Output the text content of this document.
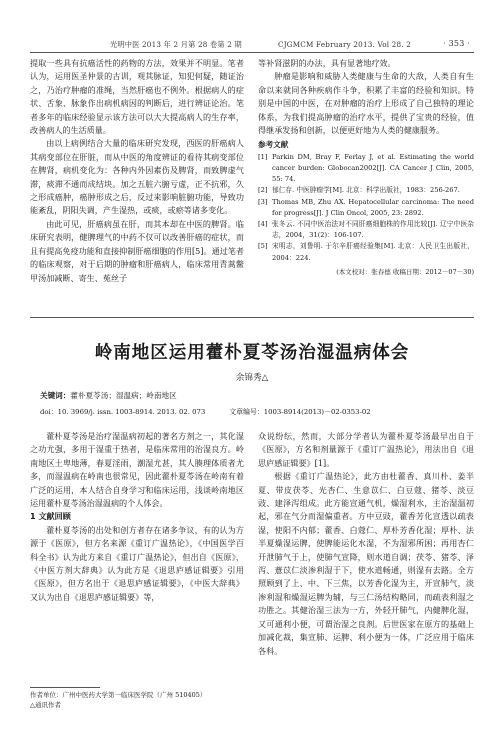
光明中医 2013 年 2 月第 28 卷第 2 期	CJGMCM February 2013. Vol 28. 2	· 353 ·

提取一些具有抗癌活性的药物的方法，效果并不明显。笔者认为，运用医圣仲景的古训，观其脉证，知犯何疑，随证治之，乃治疗肿瘤的准绳，当然肝癌也不例外。根据病人的症状、舌象、脉象作出病机病因的判断后，进行辨证论治。笔者多年的临床经验显示该方法可以大大提高病人的生存率，改善病人的生活质量。

由以上病例结合大量的临床研究发现，西医的肝癌病人其病变部位在肝脏，而从中医的角度辨证的看待其病变部位在脾肾，病机变化为：各种内外因素伤及脾肾，而致脾虚气滞，痰滞不通而成结块。加之五脏六腑亏虚，正不抗邪，久之形成癌肿，癌肿形成之后，反过来影响脏腑功能，导致功能紊乱，阴阳失调，产生湿热，或痰，或瘀等诸多变化。

由此可见，肝癌病虽在肝，而其本却在中医的脾肾。临床研究表明，健脾理气的中药不仅可以改善肝癌的症状，而且有提高免疫功能和直接抑制肝癌细胞的作用[5]。通过笔者的临床观察，对于后期的肿瘤和肝癌病人，临床常用青蒿鳖甲汤加减断、寄生、菟丝子

等补肾滋阴的办法，具有显著地疗效。

肿瘤是影响和威胁人类健康与生命的大敌，人类自有生命以来就同各种疾病作斗争，积累了丰富的经验和知识。特别是中国的中医，在对肿瘤的治疗上形成了自己独特的理论体系，为我们提高肿瘤的治疗水平，提供了宝贵的经验，值得继承发扬和创新，以便更好地为人类的健康服务。

参考文献
[1] Parkin DM, Bray F, Ferlay J, et al. Estimating the world cancer burden: Globocan2002[J]. CA Cancer J Clin, 2005, 55: 74.
[2] 郁仁存. 中医肿瘤学[M]. 北京：科学出版社，1983：256-267.
[3] Thomas MB, Zhu AX. Hepatocellular carcinoma: The need for progress[J]. J Clin Oncol, 2005, 23: 2892.
[4] 张冬云. 不同中医治法对不同肝癌细胞株的作用比较[J]. 辽宁中医杂志，2004，31(2)：106-107.
[5] 宋明志，刘鲁明. 于尔辛肝癌经验集[M]. 北京：人民卫生出版社，2004：224.
(本文校对：张春德 收稿日期：2012－07－30)
岭南地区运用藿朴夏苓汤治湿温病体会
余锦秀△
关键词：藿朴夏苓汤；湿温病；岭南地区
doi：10. 3969/j. issn. 1003-8914. 2013. 02. 073	文章编号：1003-8914(2013)－02-0353-02

藿朴夏苓汤是治疗湿温病初起的著名方剂之一，其化湿之功尤强，多用于湿重于热者，是临床常用的治湿良方。岭南地区土卑地薄，春夏淫雨，潮湿尤甚，其人腠理体质者尤多，而湿温病在岭南也很常见，因此藿朴夏苓汤在岭南有着广泛的运用，本人结合自身学习和临床运用，浅谈岭南地区运用藿朴夏苓汤治湿温病的个人体会。

1 文献回顾

藿朴夏苓汤的出处和创方者存在诸多争议，有的认为方源于《医原》，但方名来源《重订广温热论》，《中国医学百科全书》认为此方来自《重订广温热论》，但出自《医原》，《中医方剂大辞典》认为此方是《退思庐感证辑要》引用《医原》，但方名出于《退思庐感证辑要》，《中医大辞典》又认为出自《退思庐感证辑要》等，

众说纷纭，然而，大部分学者认为藿朴夏苓汤最早出自于《医原》，方名和剂量源于《重订广温热论》，用法出自《退思庐感证辑要》[1]。

根据《重订广温热论》，此方由杜藿香、真川朴、姜半夏、带皮茯苓、光杏仁、生意苡仁、白豆蔻、猪苓、淡豆豉、建泽泻组成。此方能宣通气机，燥湿利水，主治湿温初起，邪在气分而湿偏重者。方中豆豉，藿香芳化宣透以疏表湿，使阳不内郁；藿香、白蔻仁、厚朴芳香化湿；厚朴、法半夏燥湿运脾，使脾能运化水湿，不为湿邪所困；再用杏仁开泄肺气于上，使肺气宣降，则水道自调；茯苓、猪苓、泽泻、薏苡仁淡渗利湿于下，使水道畅通，则湿有去路。全方照顾到了上、中、下三焦，以芳香化湿为主，开宣肺气，淡渗利湿和燥湿运脾为辅，与三仁汤结构略同，而疏表利湿之功胜之。其健治湿三法为一方，外轻开肺气，内健脾化湿，又可通利小便，可谓治湿之良剂。后世医家在原方的基础上加减化裁，集宣肺、运脾、利小便为一体，广泛应用于临床各科。

作者单位：广州中医药大学第一临床医学院（广州 510405）
△通讯作者
